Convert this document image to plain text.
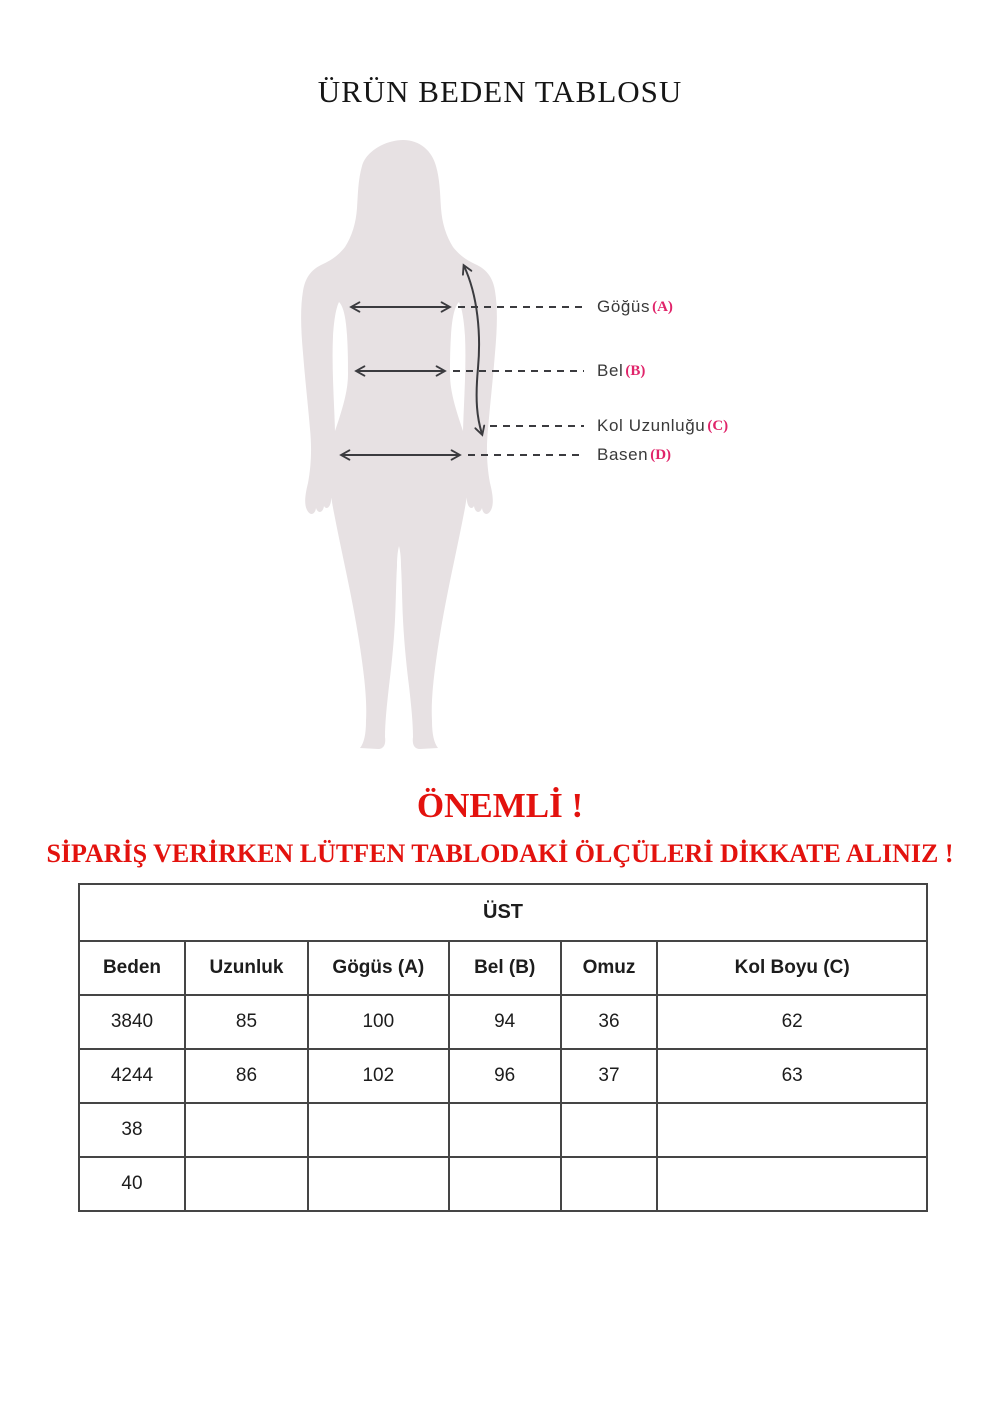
ÜRÜN BEDEN TABLOSU
Göğüs (A)
Bel (B)
Kol Uzunluğu (C)
Basen (D)
ÖNEMLİ !
SİPARİŞ VERİRKEN LÜTFEN TABLODAKİ ÖLÇÜLERİ DİKKATE ALINIZ !
ÜST					
Beden	Uzunluk	Gögüs (A)	Bel (B)	Omuz	Kol Boyu (C)
3840	85	100	94	36	62
4244	86	102	96	37	63
38					
40					
